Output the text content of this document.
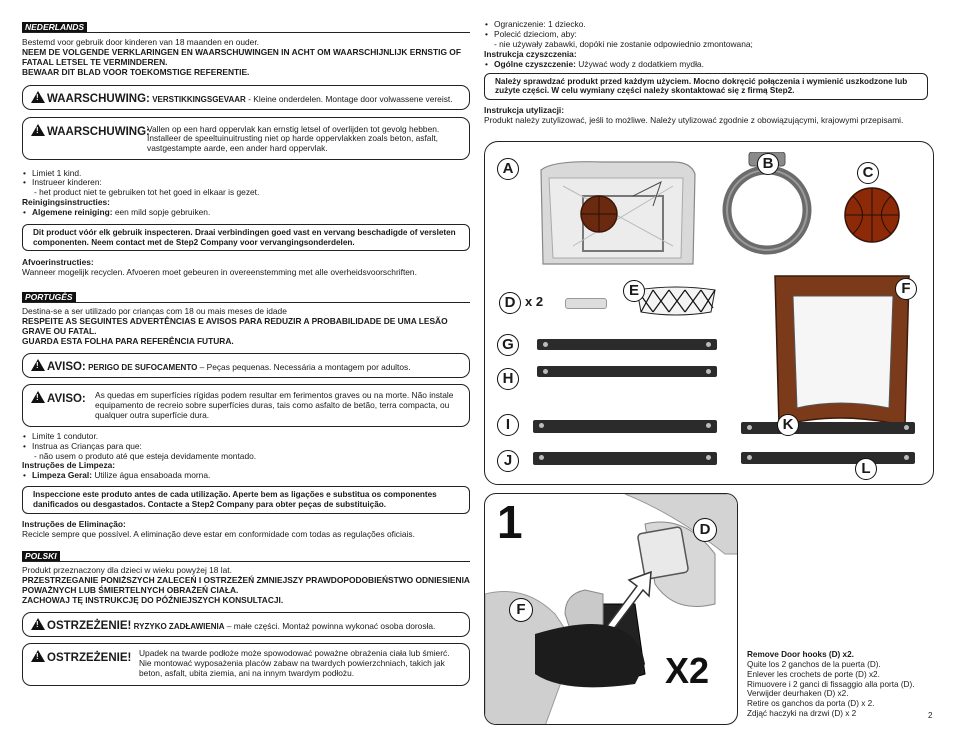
NEDERLANDS

Bestemd voor gebruik door kinderen van 18 maanden en ouder.

NEEM DE VOLGENDE VERKLARINGEN EN WAARSCHUWINGEN IN ACHT OM WAARSCHIJNLIJK ERNSTIG OF FATAAL LETSEL TE VERMINDEREN.

BEWAAR DIT BLAD VOOR TOEKOMSTIGE REFERENTIE.

!WAARSCHUWING: VERSTIKKINGSGEVAAR - Kleine onderdelen. Montage door volwassene vereist.
!WAARSCHUWING:
Vallen op een hard oppervlak kan ernstig letsel of overlijden tot gevolg hebben. Installeer de speeltuinuitrusting niet op harde oppervlakken zoals beton, asfalt, vastgestampte aarde, een ander hard oppervlak.
• Limiet 1 kind.
• Instrueer kinderen:

- het product niet te gebruiken tot het goed in elkaar is gezet.

Reinigingsinstructies:

• Algemene reiniging: een mild sopje gebruiken.
Dit product vóór elk gebruik inspecteren. Draai verbindingen goed vast en vervang beschadigde of versleten componenten. Neem contact met de Step2 Company voor vervangingsonderdelen.

Afvoerinstructies:

Wanneer mogelijk recyclen. Afvoeren moet gebeuren in overeenstemming met alle overheidsvoorschriften.

PORTUGÊS

Destina-se a ser utilizado por crianças com 18 ou mais meses de idade

RESPEITE AS SEGUINTES ADVERTÊNCIAS E AVISOS PARA REDUZIR A PROBABILIDADE DE UMA LESÃO GRAVE OU FATAL.

GUARDA ESTA FOLHA PARA REFERÊNCIA FUTURA.

!AVISO: PERIGO DE SUFOCAMENTO – Peças pequenas. Necessária a montagem por adultos.
!AVISO: As quedas em superfícies rígidas podem resultar em ferimentos graves ou na morte. Não instale equipamento de recreio sobre superfícies duras, tais como asfalto de betão, terra compacta, ou qualquer outra superfície dura.
• Limite 1 condutor.
• Instrua as Crianças para que:

- não usem o produto até que esteja devidamente montado.

Instruções de Limpeza:

• Limpeza Geral: Utilize água ensaboada morna.
Inspeccione este produto antes de cada utilização. Aperte bem as ligações e substitua os componentes danificados ou desgastados. Contacte a Step2 Company para obter peças de substituição.

Instruções de Eliminação:

Recicle sempre que possível. A eliminação deve estar em conformidade com todas as regulações oficiais.

POLSKI

Produkt przeznaczony dla dzieci w wieku powyżej 18 lat.

PRZESTRZEGANIE PONIŻSZYCH ZALECEŃ I OSTRZEŻEŃ ZMNIEJSZY PRAWDOPODOBIEŃSTWO ODNIESIENIA POWAŻNYCH LUB ŚMIERTELNYCH OBRAŻEŃ CIAŁA.

ZACHOWAJ TĘ INSTRUKCJĘ DO PÓŹNIEJSZYCH KONSULTACJI.

!OSTRZEŻENIE! RYZYKO ZADŁAWIENIA – małe części. Montaż powinna wykonać osoba dorosła.
!OSTRZEŻENIE! Upadek na twarde podłoże może spowodować poważne obrażenia ciała lub śmierć. Nie montować wyposażenia placów zabaw na twardych powierzchniach, takich jak beton, asfalt, ubita ziemia, ani na innym twardym podłożu.
• Ograniczenie: 1 dziecko.
• Polecić dzieciom, aby:

- nie używały zabawki, dopóki nie zostanie odpowiednio zmontowana;

Instrukcja czyszczenia:

• Ogólne czyszczenie: Używać wody z dodatkiem mydła.
Należy sprawdzać produkt przed każdym użyciem. Mocno dokręcić połączenia i wymienić uszkodzone lub zużyte części. W celu wymiany części należy skontaktować się z firmą Step2.

Instrukcja utylizacji:

Produkt należy zutylizować, jeśli to możliwe. Należy utylizować zgodnie z obowiązującymi, krajowymi przepisami.

A	B
C
D x 2
E	F
G
H
I
J
K
L
1
X2
D
F

Remove Door hooks (D) x2.

Quite los 2 ganchos de la puerta (D).

Enlever les crochets de porte (D) x2.

Rimuovere i 2 ganci di fissaggio alla porta (D).

Verwijder deurhaken (D) x2.

Retire os ganchos da porta (D) x 2.

Zdjąć haczyki na drzwi (D) x 2	2
